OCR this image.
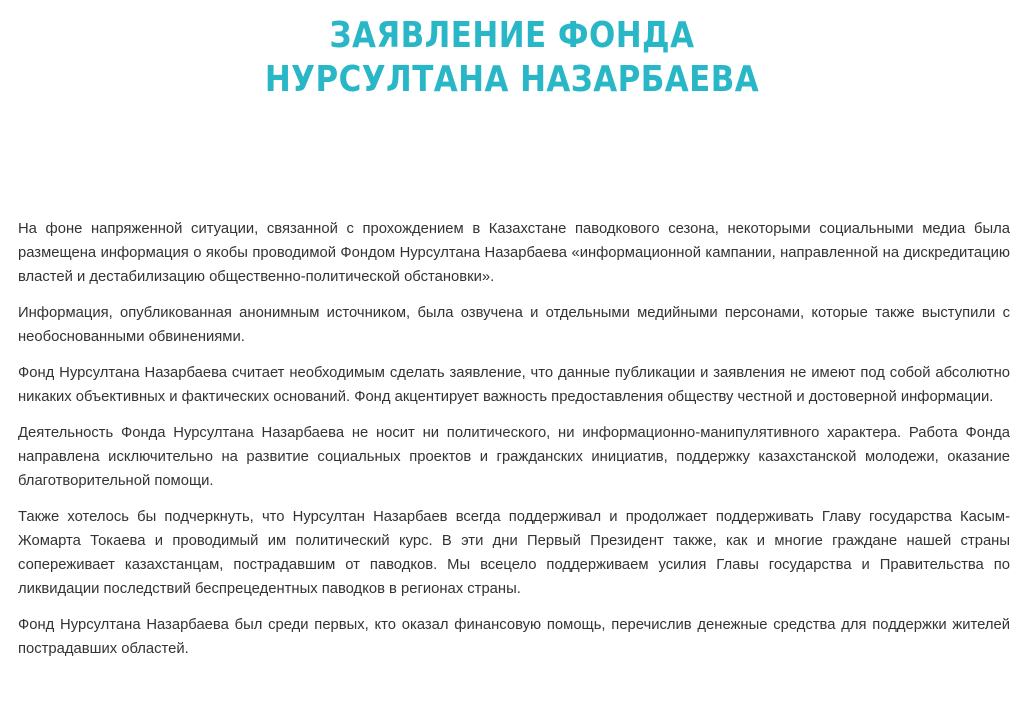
ЗАЯВЛЕНИЕ ФОНДА
НУРСУЛТАНА НАЗАРБАЕВА

На фоне напряженной ситуации, связанной с прохождением в Казахстане паводкового сезона, некоторыми социальными медиа была размещена информация о якобы проводимой Фондом Нурсултана Назарбаева «информационной кампании, направленной на дискредитацию властей и дестабилизацию общественно-политической обстановки».

Информация, опубликованная анонимным источником, была озвучена и отдельными медийными персонами, которые также выступили с необоснованными обвинениями.

Фонд Нурсултана Назарбаева считает необходимым сделать заявление, что данные публикации и заявления не имеют под собой абсолютно никаких объективных и фактических оснований. Фонд акцентирует важность предоставления обществу честной и достоверной информации.

Деятельность Фонда Нурсултана Назарбаева не носит ни политического, ни информационно-манипулятивного характера. Работа Фонда направлена исключительно на развитие социальных проектов и гражданских инициатив, поддержку казахстанской молодежи, оказание благотворительной помощи.

Также хотелось бы подчеркнуть, что Нурсултан Назарбаев всегда поддерживал и продолжает поддерживать Главу государства Касым-Жомарта Токаева и проводимый им политический курс. В эти дни Первый Президент также, как и многие граждане нашей страны сопереживает казахстанцам, пострадавшим от паводков. Мы всецело поддерживаем усилия Главы государства и Правительства по ликвидации последствий беспрецедентных паводков в регионах страны.

Фонд Нурсултана Назарбаева был среди первых, кто оказал финансовую помощь, перечислив денежные средства для поддержки жителей пострадавших областей.
